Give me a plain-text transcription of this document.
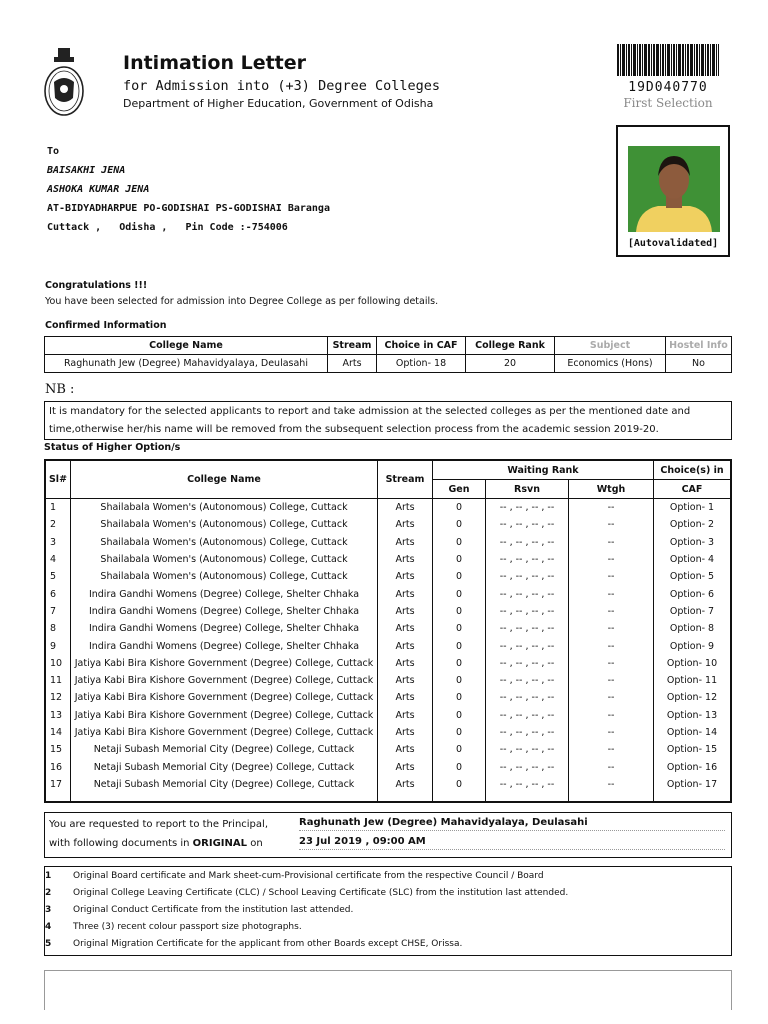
Intimation Letter
for Admission into (+3) Degree Colleges
Department of Higher Education, Government of Odisha
19D040770
First Selection
To
BAISAKHI JENA
ASHOKA KUMAR JENA
AT-BIDYADHARPUE PO-GODISHAI PS-GODISHAI Baranga
Cuttack ,   Odisha ,   Pin Code :-754006
[Autovalidated]
Congratulations !!!
You have been selected for admission into Degree College as per following details.
Confirmed Information
College Name	Stream	Choice in CAF	College Rank	Subject	Hostel Info
Raghunath Jew (Degree) Mahavidyalaya, Deulasahi	Arts	Option- 18	20	Economics (Hons)	No
NB :
It is mandatory for the selected applicants to report and take admission at the selected colleges as per the mentioned date and time,otherwise her/his name will be removed from the subsequent selection process from the academic session 2019-20.
Status of Higher Option/s
Sl#	College Name	Stream	Waiting Rank			Choice(s) in
			Gen	Rsvn	Wtgh	CAF
1	Shailabala Women's (Autonomous) College, Cuttack	Arts	0	-- , -- , -- , --	--	Option- 1
2	Shailabala Women's (Autonomous) College, Cuttack	Arts	0	-- , -- , -- , --	--	Option- 2
3	Shailabala Women's (Autonomous) College, Cuttack	Arts	0	-- , -- , -- , --	--	Option- 3
4	Shailabala Women's (Autonomous) College, Cuttack	Arts	0	-- , -- , -- , --	--	Option- 4
5	Shailabala Women's (Autonomous) College, Cuttack	Arts	0	-- , -- , -- , --	--	Option- 5
6	Indira Gandhi Womens (Degree) College, Shelter Chhaka	Arts	0	-- , -- , -- , --	--	Option- 6
7	Indira Gandhi Womens (Degree) College, Shelter Chhaka	Arts	0	-- , -- , -- , --	--	Option- 7
8	Indira Gandhi Womens (Degree) College, Shelter Chhaka	Arts	0	-- , -- , -- , --	--	Option- 8
9	Indira Gandhi Womens (Degree) College, Shelter Chhaka	Arts	0	-- , -- , -- , --	--	Option- 9
10	Jatiya Kabi Bira Kishore Government (Degree) College, Cuttack	Arts	0	-- , -- , -- , --	--	Option- 10
11	Jatiya Kabi Bira Kishore Government (Degree) College, Cuttack	Arts	0	-- , -- , -- , --	--	Option- 11
12	Jatiya Kabi Bira Kishore Government (Degree) College, Cuttack	Arts	0	-- , -- , -- , --	--	Option- 12
13	Jatiya Kabi Bira Kishore Government (Degree) College, Cuttack	Arts	0	-- , -- , -- , --	--	Option- 13
14	Jatiya Kabi Bira Kishore Government (Degree) College, Cuttack	Arts	0	-- , -- , -- , --	--	Option- 14
15	Netaji Subash Memorial City (Degree) College, Cuttack	Arts	0	-- , -- , -- , --	--	Option- 15
16	Netaji Subash Memorial City (Degree) College, Cuttack	Arts	0	-- , -- , -- , --	--	Option- 16
17	Netaji Subash Memorial City (Degree) College, Cuttack	Arts	0	-- , -- , -- , --	--	Option- 17

You are requested to report to the Principal,
with following documents in ORIGINAL on
Raghunath Jew (Degree) Mahavidyalaya, Deulasahi
23 Jul 2019 , 09:00 AM
1 Original Board certificate and Mark sheet-cum-Provisional certificate from the respective Council / Board
2 Original College Leaving Certificate (CLC) / School Leaving Certificate (SLC) from the institution last attended.
3 Original Conduct Certificate from the institution last attended.
4 Three (3) recent colour passport size photographs.
5 Original Migration Certificate for the applicant from other Boards except CHSE, Orissa.
